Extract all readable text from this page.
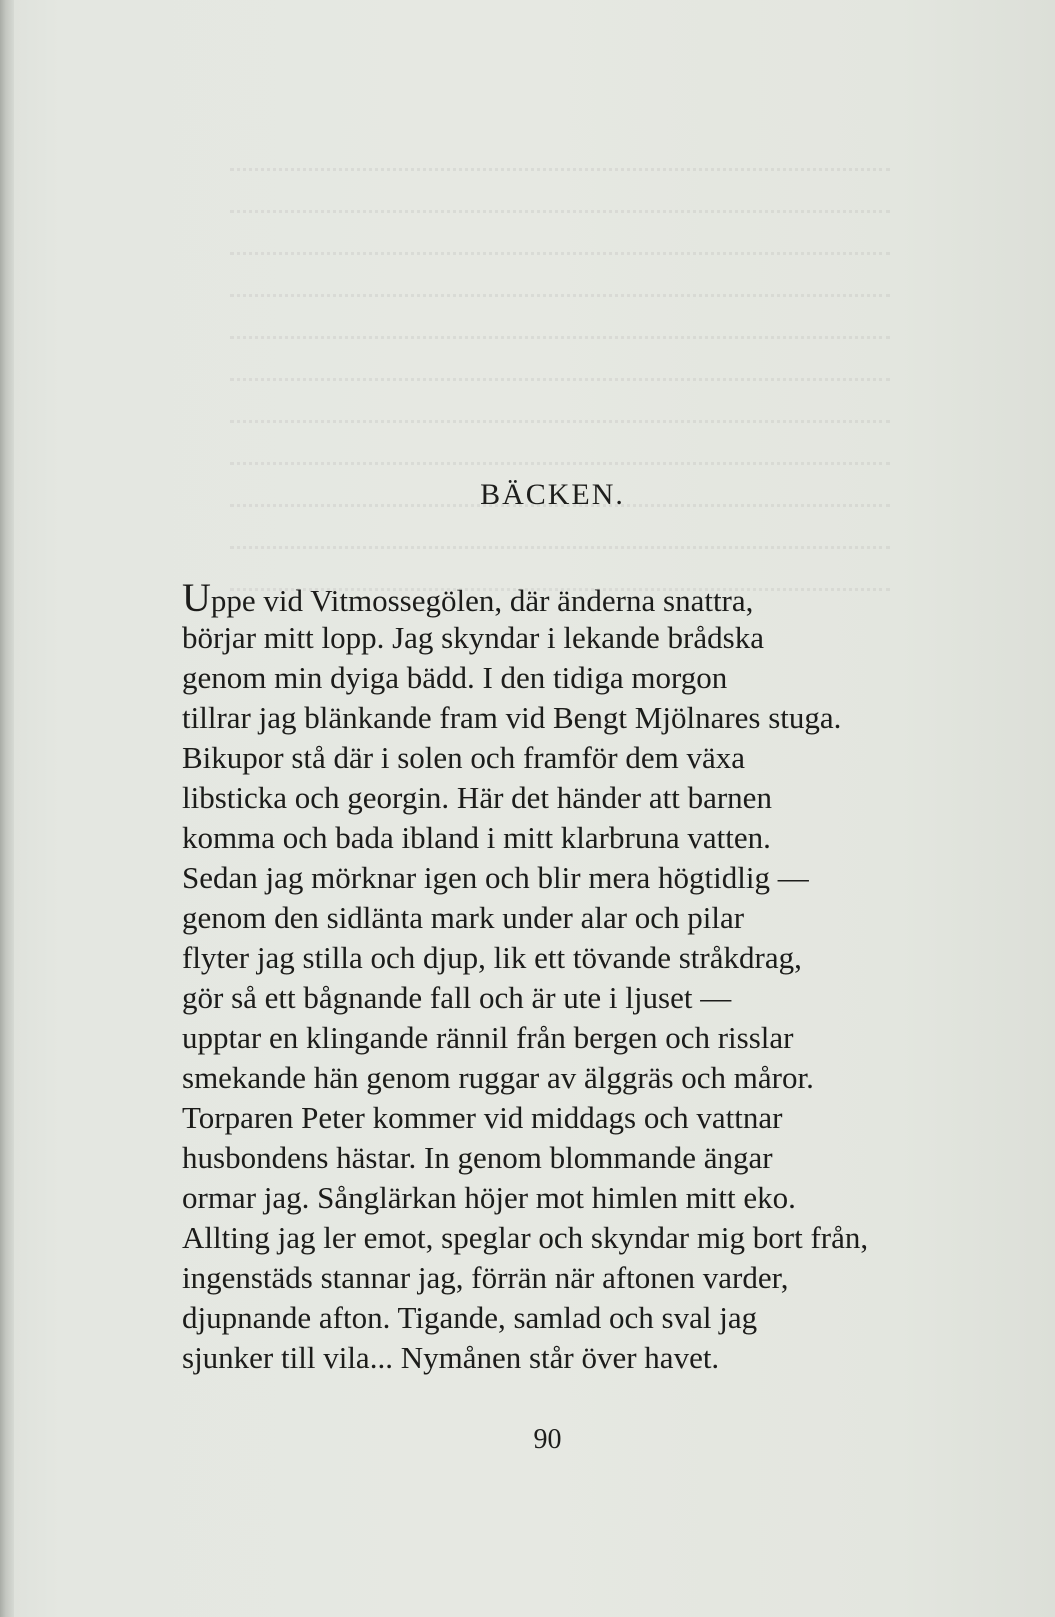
BÄCKEN.
Uppe vid Vitmossegölen, där änderna snattra,
börjar mitt lopp. Jag skyndar i lekande brådska
genom min dyiga bädd. I den tidiga morgon
tillrar jag blänkande fram vid Bengt Mjölnares stuga.
Bikupor stå där i solen och framför dem växa
libsticka och georgin. Här det händer att barnen
komma och bada ibland i mitt klarbruna vatten.
Sedan jag mörknar igen och blir mera högtidlig —
genom den sidlänta mark under alar och pilar
flyter jag stilla och djup, lik ett tövande stråkdrag,
gör så ett bågnande fall och är ute i ljuset —
upptar en klingande rännil från bergen och risslar
smekande hän genom ruggar av älggräs och måror.
Torparen Peter kommer vid middags och vattnar
husbondens hästar. In genom blommande ängar
ormar jag. Sånglärkan höjer mot himlen mitt eko.
Allting jag ler emot, speglar och skyndar mig bort från,
ingenstäds stannar jag, förrän när aftonen varder,
djupnande afton. Tigande, samlad och sval jag
sjunker till vila... Nymånen står över havet.
90
